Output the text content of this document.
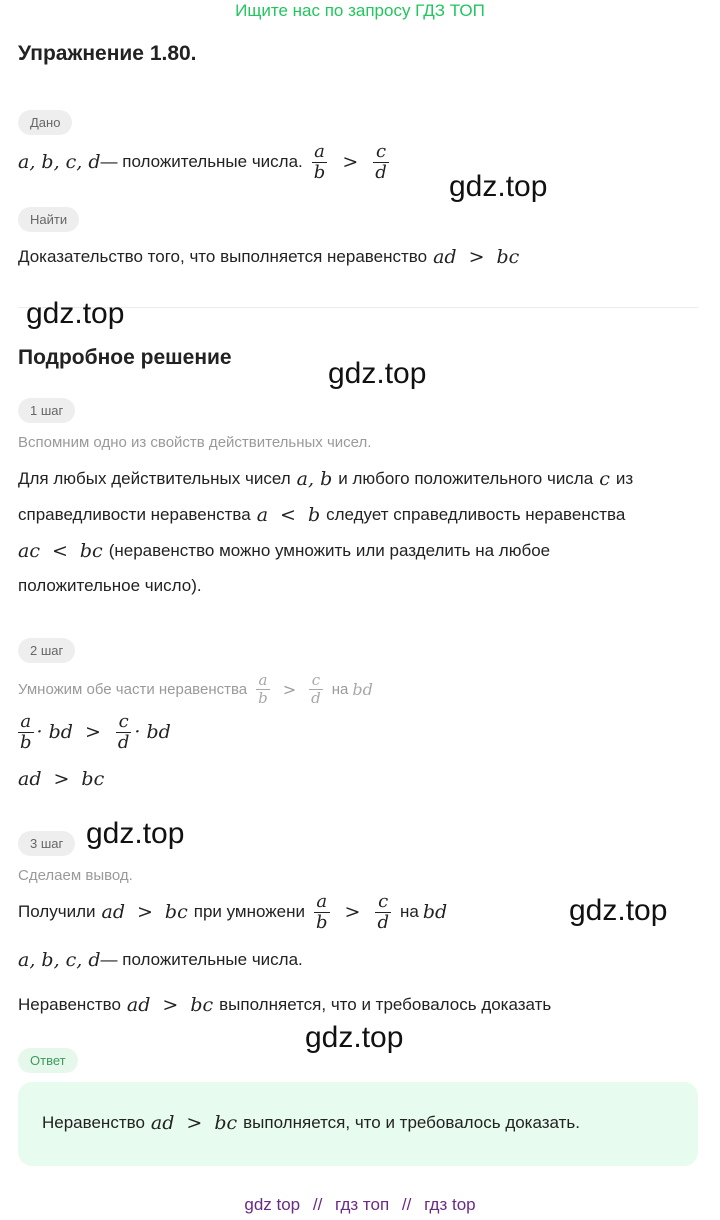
Ищите нас по запросу ГДЗ ТОП
Упражнение 1.80.
Дано
a, b, c, d — положительные числа. $\frac{a}{b} > \frac{c}{d}$
Найти
Доказательство того, что выполняется неравенство ad > bc
Подробное решение
1 шаг
Вспомним одно из свойств действительных чисел.
Для любых действительных чисел a, b и любого положительного числа c из
справедливости неравенства a < b следует справедливость неравенства
ac < bc (неравенство можно умножить или разделить на любое
положительное число).
2 шаг
Умножим обе части неравенства $\frac{a}{b} > \frac{c}{d}$ на bd
$\frac{a}{b}$ · bd > $\frac{c}{d}$ · bd
ad > bc
3 шаг
Сделаем вывод.
Получили ad > bc при умножени $\frac{a}{b} > \frac{c}{d}$ на bd
a, b, c, d — положительные числа.
Неравенство ad > bc выполняется, что и требовалось доказать
Ответ
Неравенство ad > bc выполняется, что и требовалось доказать.
gdz.top
gdz.top
gdz.top
gdz.top
gdz.top
gdz.top
gdz top // гдз топ // гдз top
